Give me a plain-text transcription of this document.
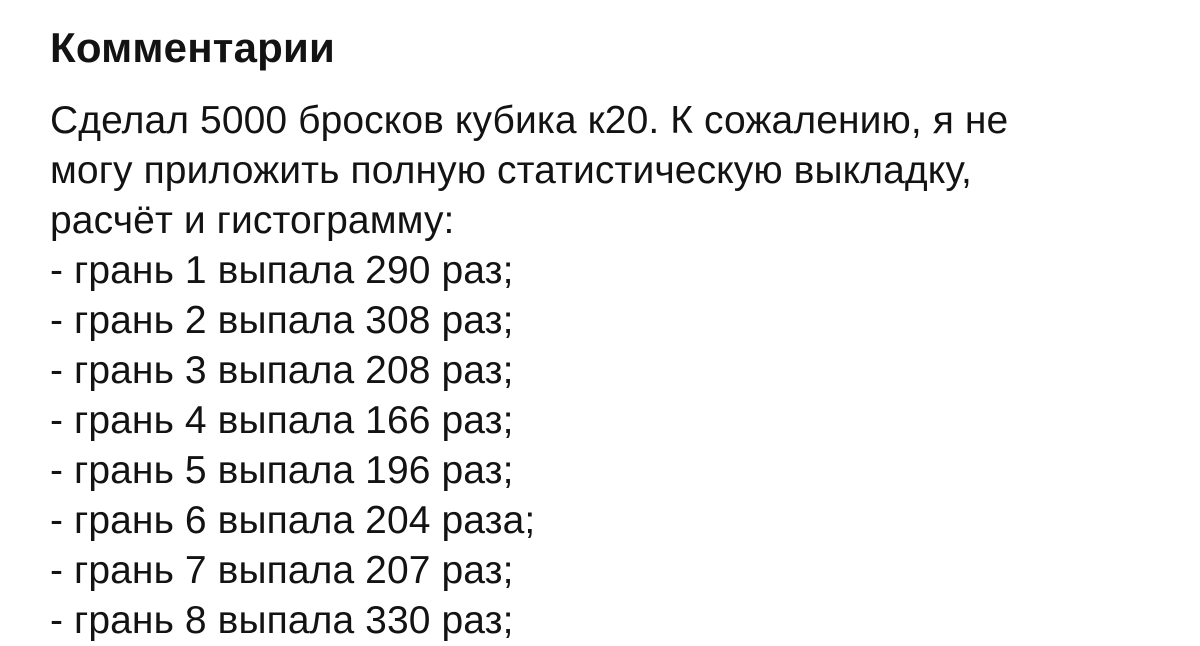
Комментарии
Сделал 5000 бросков кубика к20. К сожалению, я не
могу приложить полную статистическую выкладку,
расчёт и гистограмму:
- грань 1 выпала 290 раз;
- грань 2 выпала 308 раз;
- грань 3 выпала 208 раз;
- грань 4 выпала 166 раз;
- грань 5 выпала 196 раз;
- грань 6 выпала 204 раза;
- грань 7 выпала 207 раз;
- грань 8 выпала 330 раз;
